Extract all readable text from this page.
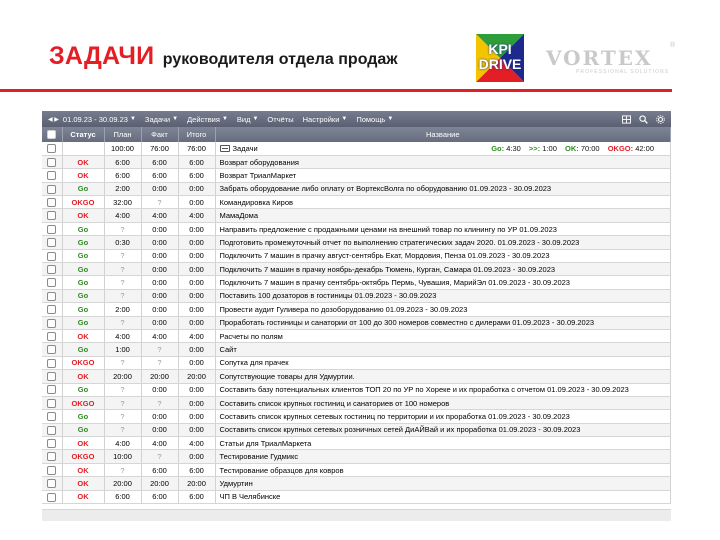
ЗАДАЧИ руководителя отдела продаж
KPI
DRIVE VORTEX
®
PROFESSIONAL SOLUTIONS
◀ ▶ 01.09.23 - 30.09.23 ▼ Задачи ▼ Действия ▼ Вид ▼ Отчёты Настройки ▼ Помощь ▼
	Статус	План	Факт	Итого	Название
		100:00	76:00	76:00	Задачи Go: 4:30 >>: 1:00 OK: 70:00 OKGO: 42:00

	OK	6:00	6:00	6:00	Возврат оборудования
	OK	6:00	6:00	6:00	Возврат ТриалМаркет
	Go	2:00	0:00	0:00	Забрать оборудование либо оплату от ВортексВолга по оборудованию 01.09.2023 - 30.09.2023
	OKGO	32:00	?	0:00	Командировка Киров
	OK	4:00	4:00	4:00	МамаДома
	Go	?	0:00	0:00	Направить предложение с продажными ценами на внешний товар по клинингу по УР 01.09.2023
	Go	0:30	0:00	0:00	Подготовить промежуточный отчет по выполнению стратегических задач 2020. 01.09.2023 - 30.09.2023
	Go	?	0:00	0:00	Подключить 7 машин в прачку август-сентябрь Екат, Мордовия, Пенза 01.09.2023 - 30.09.2023
	Go	?	0:00	0:00	Подключить 7 машин в прачку ноябрь-декабрь Тюмень, Курган, Самара 01.09.2023 - 30.09.2023
	Go	?	0:00	0:00	Подключить 7 машин в прачку сентябрь-октябрь Пермь, Чувашия, МарийЭл 01.09.2023 - 30.09.2023
	Go	?	0:00	0:00	Поставить 100 дозаторов в гостиницы 01.09.2023 - 30.09.2023
	Go	2:00	0:00	0:00	Провести аудит Гуливера по дозоборудованию 01.09.2023 - 30.09.2023
	Go	?	0:00	0:00	Проработать гостиницы и санатории от 100 до 300 номеров совместно с дилерами 01.09.2023 - 30.09.2023
	OK	4:00	4:00	4:00	Расчеты по полям
	Go	1:00	?	0:00	Сайт
	OKGO	?	?	0:00	Сопутка для прачек
	OK	20:00	20:00	20:00	Сопутствующие товары для Удмуртии.
	Go	?	0:00	0:00	Составить базу потенциальных клиентов ТОП 20 по УР по Хореке и их проработка с отчетом 01.09.2023 - 30.09.2023
	OKGO	?	?	0:00	Составить список крупных гостиниц и санаториев от 100 номеров
	Go	?	0:00	0:00	Составить список крупных сетевых гостиниц по территории и их проработка 01.09.2023 - 30.09.2023
	Go	?	0:00	0:00	Составить список крупных сетевых розничных сетей ДиАЙВай и их проработка 01.09.2023 - 30.09.2023
	OK	4:00	4:00	4:00	Статьи для ТриалМаркета
	OKGO	10:00	?	0:00	Тестирование Гудмикс
	OK	?	6:00	6:00	Тестирование образцов для ковров
	OK	20:00	20:00	20:00	Удмуртин
	OK	6:00	6:00	6:00	ЧП В Челябинске
